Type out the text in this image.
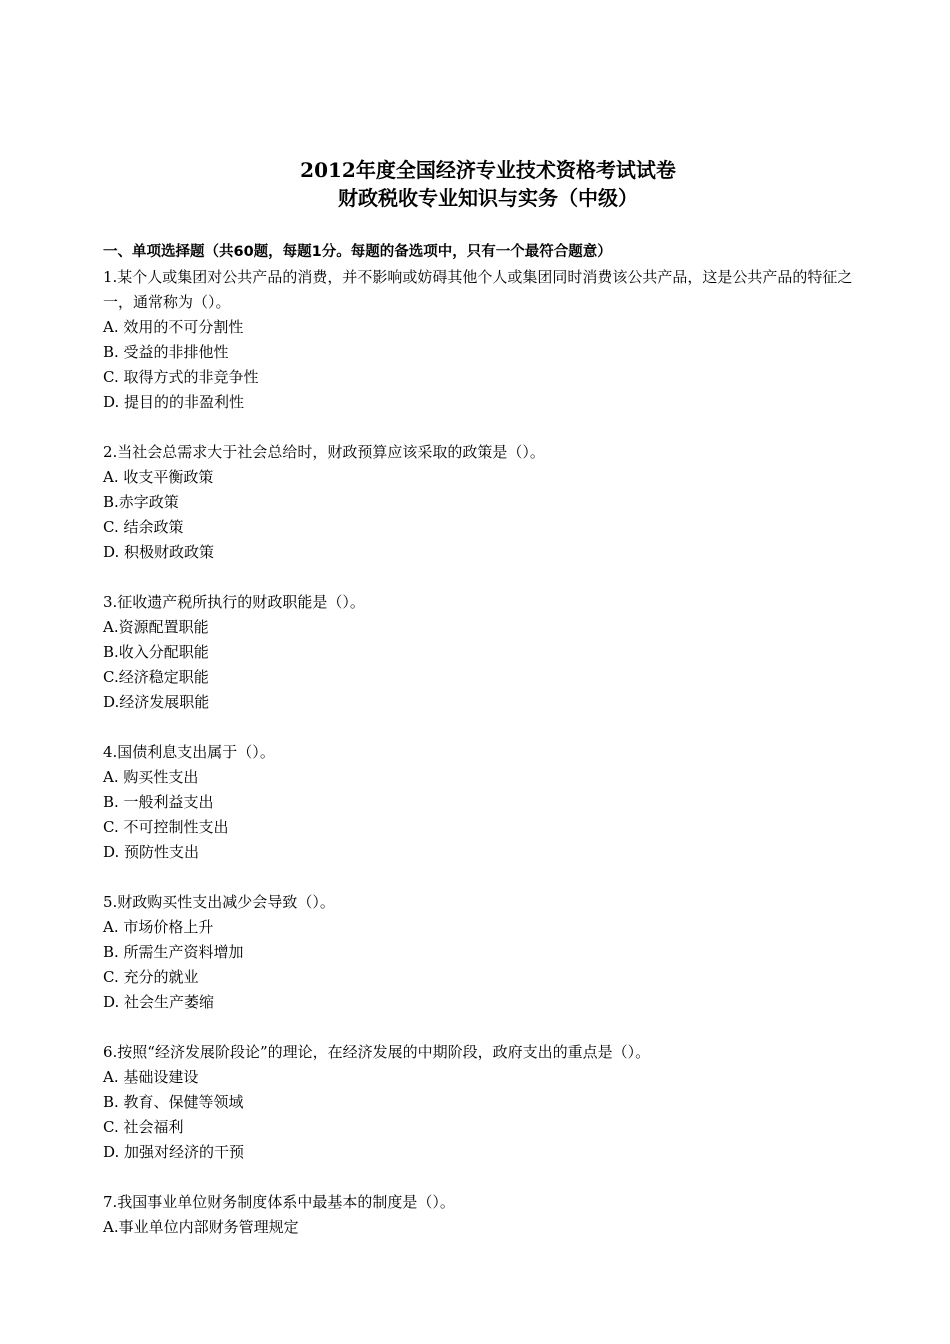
2012年度全国经济专业技术资格考试试卷

财政税收专业知识与实务（中级）

一、单项选择题（共60题，每题1分。每题的备选项中，只有一个最符合题意）

1.某个人或集团对公共产品的消费，并不影响或妨碍其他个人或集团同时消费该公共产品，这是公共产品的特征之一，通常称为（）。

A. 效用的不可分割性

B. 受益的非排他性

C. 取得方式的非竞争性

D. 提目的的非盈利性

2.当社会总需求大于社会总给时，财政预算应该采取的政策是（）。

A. 收支平衡政策

B.赤字政策

C. 结余政策

D. 积极财政政策

3.征收遗产税所执行的财政职能是（）。

A.资源配置职能

B.收入分配职能

C.经济稳定职能

D.经济发展职能

4.国债利息支出属于（）。

A. 购买性支出

B. 一般利益支出

C. 不可控制性支出

D. 预防性支出

5.财政购买性支出减少会导致（）。

A. 市场价格上升

B. 所需生产资料增加

C. 充分的就业

D. 社会生产萎缩

6.按照“经济发展阶段论”的理论，在经济发展的中期阶段，政府支出的重点是（）。

A. 基础设建设

B. 教育、保健等领域

C. 社会福利

D. 加强对经济的干预

7.我国事业单位财务制度体系中最基本的制度是（）。

A.事业单位内部财务管理规定
